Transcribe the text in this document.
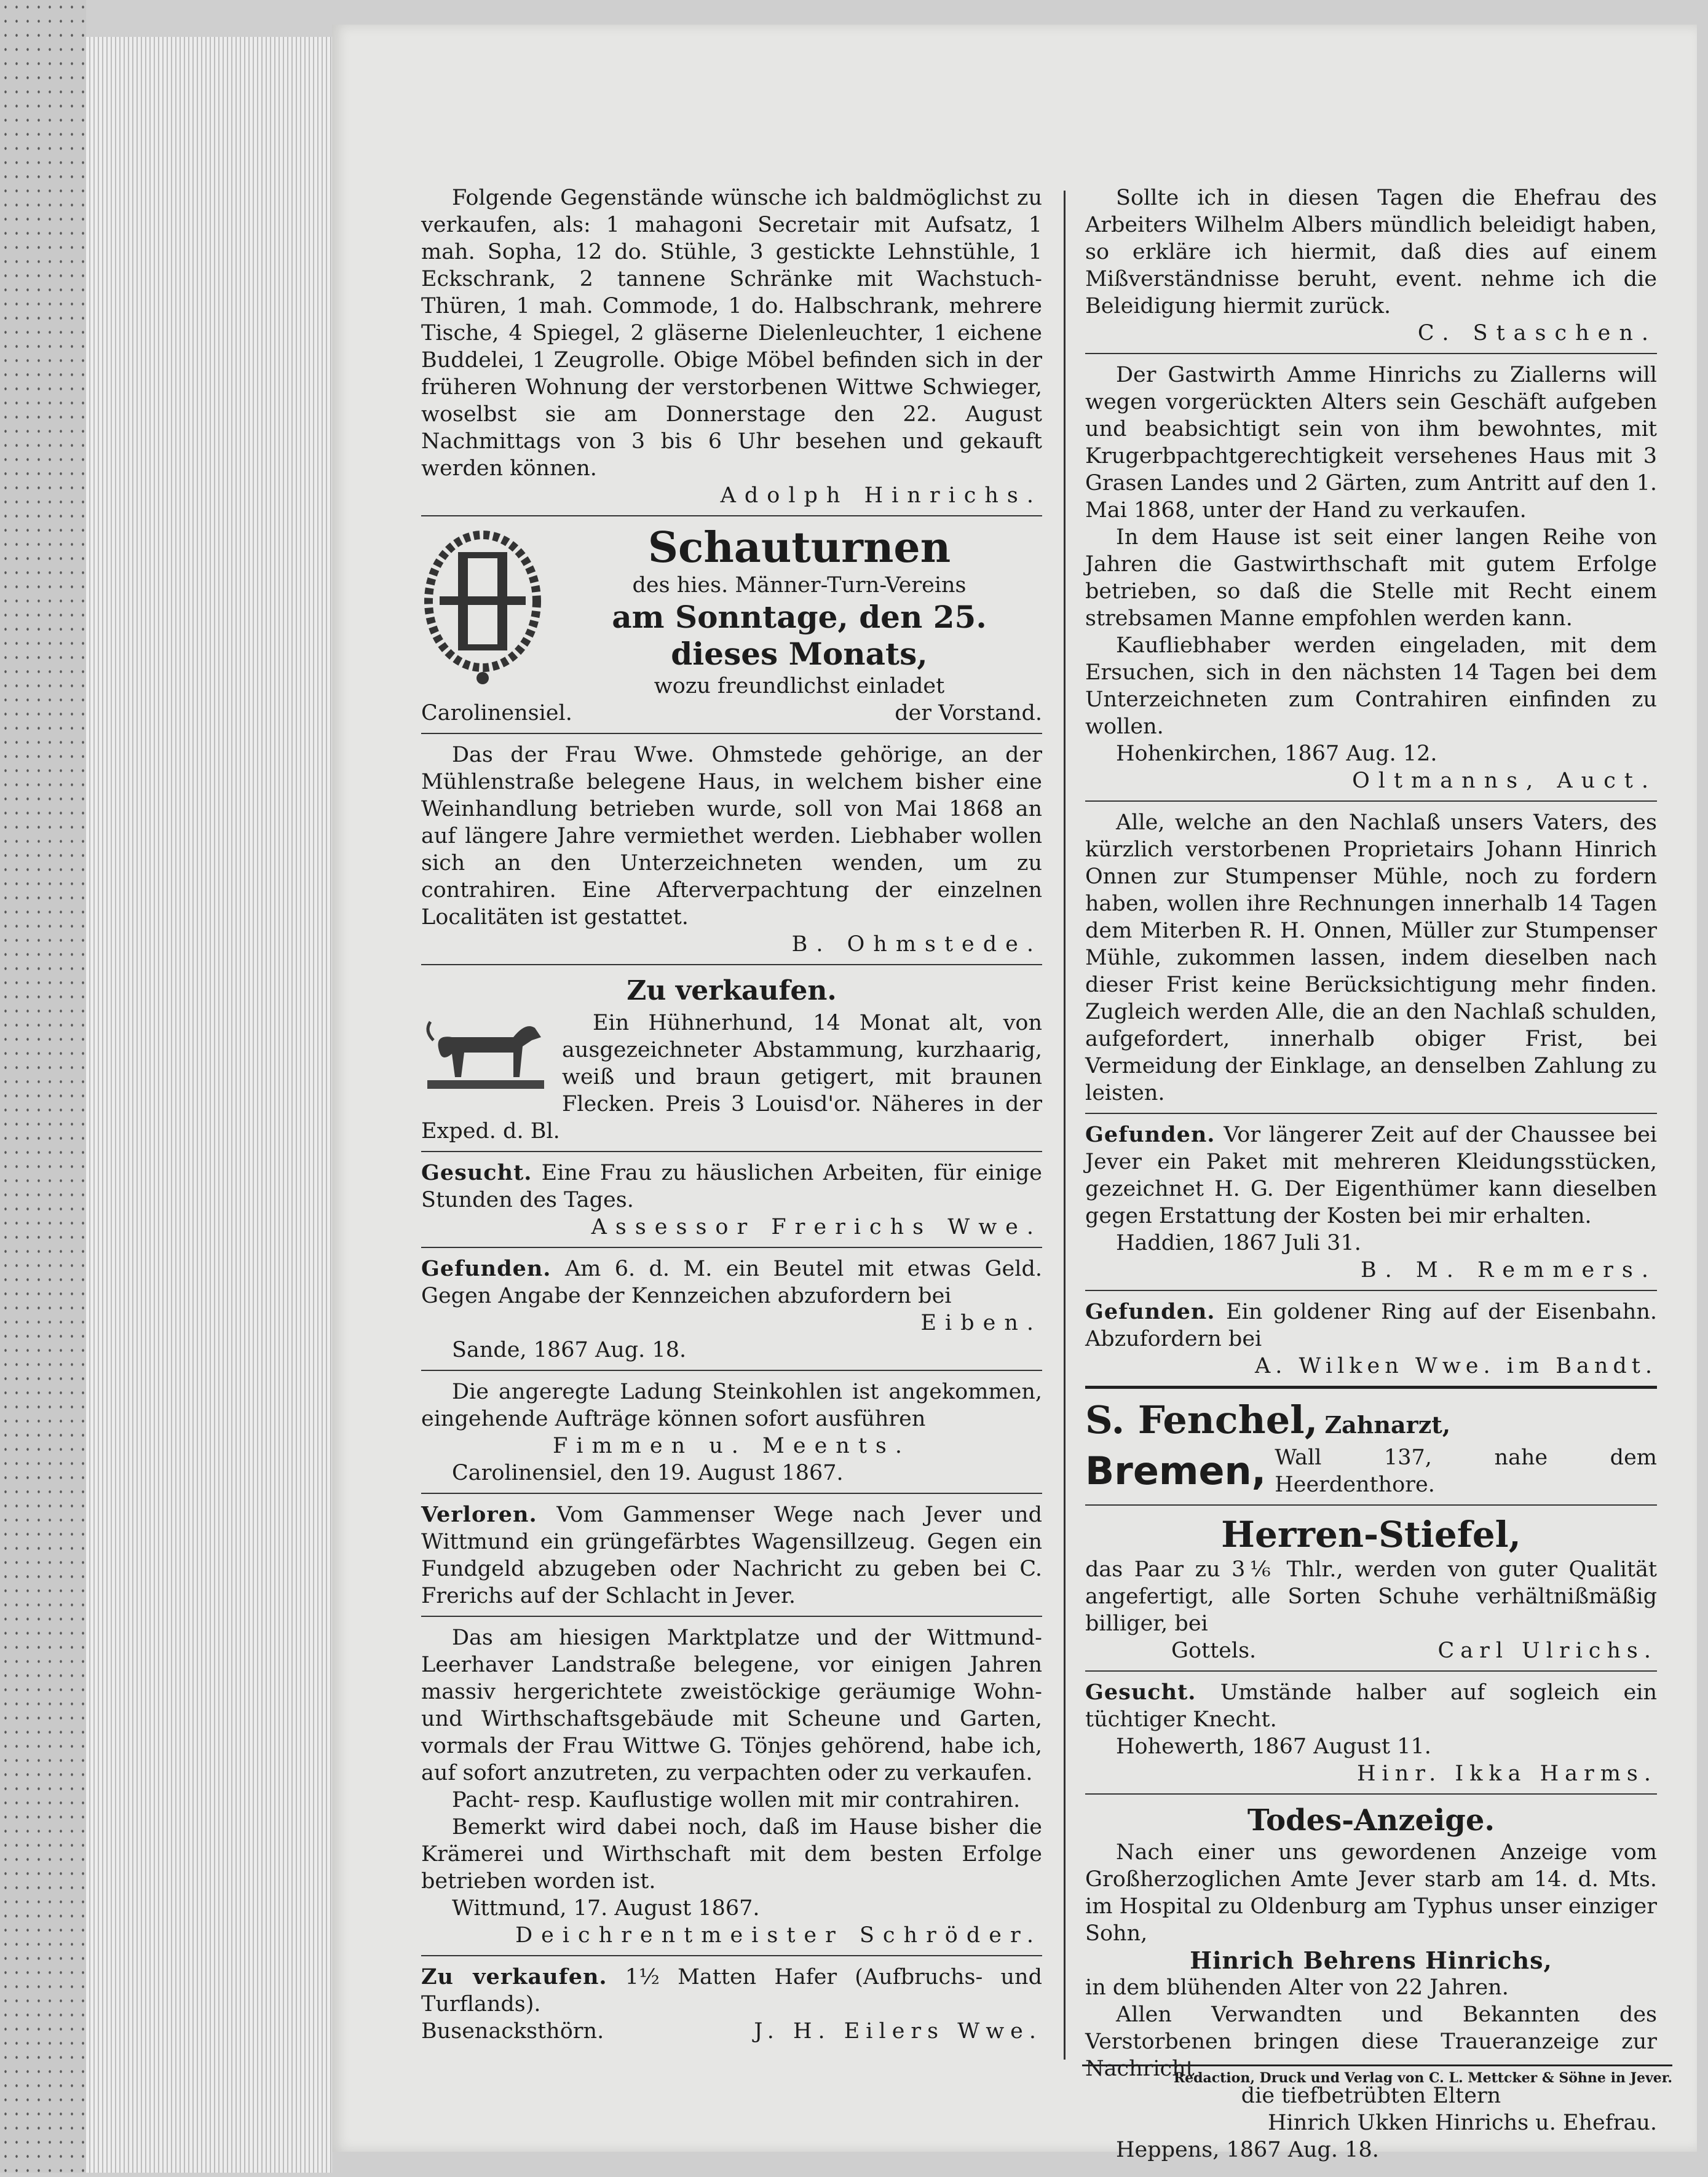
Folgende Gegenstände wünsche ich baldmöglichst zu verkaufen, als: 1 mahagoni Secretair mit Aufsatz, 1 mah. Sopha, 12 do. Stühle, 3 gestickte Lehnstühle, 1 Eckschrank, 2 tannene Schränke mit Wachstuch-Thüren, 1 mah. Commode, 1 do. Halbschrank, mehrere Tische, 4 Spiegel, 2 gläserne Dielenleuchter, 1 eichene Buddelei, 1 Zeugrolle. Obige Möbel befinden sich in der früheren Wohnung der verstorbenen Wittwe Schwieger, woselbst sie am Donnerstage den 22. August Nachmittags von 3 bis 6 Uhr besehen und gekauft werden können.

Adolph Hinrichs.

Schauturnen

des hies. Männer-Turn-Vereins

am Sonntage, den 25.
dieses Monats,

wozu freundlichst einladet

Carolinensiel.	der Vorstand.

Das der Frau Wwe. Ohmstede gehörige, an der Mühlenstraße belegene Haus, in welchem bisher eine Weinhandlung betrieben wurde, soll von Mai 1868 an auf längere Jahre vermiethet werden. Liebhaber wollen sich an den Unterzeichneten wenden, um zu contrahiren. Eine Afterverpachtung der einzelnen Localitäten ist gestattet.

B. Ohmstede.

Zu verkaufen.

Ein Hühnerhund, 14 Monat alt, von ausgezeichneter Abstammung, kurzhaarig, weiß und braun getigert, mit braunen Flecken. Preis 3 Louisd'or. Näheres in der Exped. d. Bl.

Gesucht. Eine Frau zu häuslichen Arbeiten, für einige Stunden des Tages.

Assessor Frerichs Wwe.

Gefunden. Am 6. d. M. ein Beutel mit etwas Geld. Gegen Angabe der Kennzeichen abzufordern bei

Eiben.

Sande, 1867 Aug. 18.

Die angeregte Ladung Steinkohlen ist angekommen, eingehende Aufträge können sofort ausführen

Fimmen u. Meents.

Carolinensiel, den 19. August 1867.

Verloren. Vom Gammenser Wege nach Jever und Wittmund ein grüngefärbtes Wagensillzeug. Gegen ein Fundgeld abzugeben oder Nachricht zu geben bei C. Frerichs auf der Schlacht in Jever.

Das am hiesigen Marktplatze und der Wittmund-Leerhaver Landstraße belegene, vor einigen Jahren massiv hergerichtete zweistöckige geräumige Wohn- und Wirthschaftsgebäude mit Scheune und Garten, vormals der Frau Wittwe G. Tönjes gehörend, habe ich, auf sofort anzutreten, zu verpachten oder zu verkaufen.

Pacht- resp. Kauflustige wollen mit mir contrahiren.

Bemerkt wird dabei noch, daß im Hause bisher die Krämerei und Wirthschaft mit dem besten Erfolge betrieben worden ist.

Wittmund, 17. August 1867.

Deichrentmeister Schröder.

Zu verkaufen. 1½ Matten Hafer (Aufbruchs- und Turflands).

Busenacksthörn.	J. H. Eilers Wwe.

Sollte ich in diesen Tagen die Ehefrau des Arbeiters Wilhelm Albers mündlich beleidigt haben, so erkläre ich hiermit, daß dies auf einem Mißverständnisse beruht, event. nehme ich die Beleidigung hiermit zurück.

C. Staschen.

Der Gastwirth Amme Hinrichs zu Ziallerns will wegen vorgerückten Alters sein Geschäft aufgeben und beabsichtigt sein von ihm bewohntes, mit Krugerbpachtgerechtigkeit versehenes Haus mit 3 Grasen Landes und 2 Gärten, zum Antritt auf den 1. Mai 1868, unter der Hand zu verkaufen.

In dem Hause ist seit einer langen Reihe von Jahren die Gastwirthschaft mit gutem Erfolge betrieben, so daß die Stelle mit Recht einem strebsamen Manne empfohlen werden kann.

Kaufliebhaber werden eingeladen, mit dem Ersuchen, sich in den nächsten 14 Tagen bei dem Unterzeichneten zum Contrahiren einfinden zu wollen.

Hohenkirchen, 1867 Aug. 12.

Oltmanns, Auct.

Alle, welche an den Nachlaß unsers Vaters, des kürzlich verstorbenen Proprietairs Johann Hinrich Onnen zur Stumpenser Mühle, noch zu fordern haben, wollen ihre Rechnungen innerhalb 14 Tagen dem Miterben R. H. Onnen, Müller zur Stumpenser Mühle, zukommen lassen, indem dieselben nach dieser Frist keine Berücksichtigung mehr finden. Zugleich werden Alle, die an den Nachlaß schulden, aufgefordert, innerhalb obiger Frist, bei Vermeidung der Einklage, an denselben Zahlung zu leisten.

Gefunden. Vor längerer Zeit auf der Chaussee bei Jever ein Paket mit mehreren Kleidungsstücken, gezeichnet H. G. Der Eigenthümer kann dieselben gegen Erstattung der Kosten bei mir erhalten.

Haddien, 1867 Juli 31.

B. M. Remmers.

Gefunden. Ein goldener Ring auf der Eisenbahn. Abzufordern bei

A. Wilken Wwe. im Bandt.

S. Fenchel, Zahnarzt,

Bremen, Wall 137, nahe dem Heerdenthore.

Herren-Stiefel,

das Paar zu 3⅙ Thlr., werden von guter Qualität angefertigt, alle Sorten Schuhe verhältnißmäßig billiger, bei

Gottels.	Carl Ulrichs.

Gesucht. Umstände halber auf sogleich ein tüchtiger Knecht.

Hohewerth, 1867 August 11.

Hinr. Ikka Harms.

Todes-Anzeige.

Nach einer uns gewordenen Anzeige vom Großherzoglichen Amte Jever starb am 14. d. Mts. im Hospital zu Oldenburg am Typhus unser einziger Sohn,

Hinrich Behrens Hinrichs,

in dem blühenden Alter von 22 Jahren.

Allen Verwandten und Bekannten des Verstorbenen bringen diese Traueranzeige zur Nachricht

die tiefbetrübten Eltern

Hinrich Ukken Hinrichs u. Ehefrau.

Heppens, 1867 Aug. 18.

Redaction, Druck und Verlag von C. L. Mettcker & Söhne in Jever.
